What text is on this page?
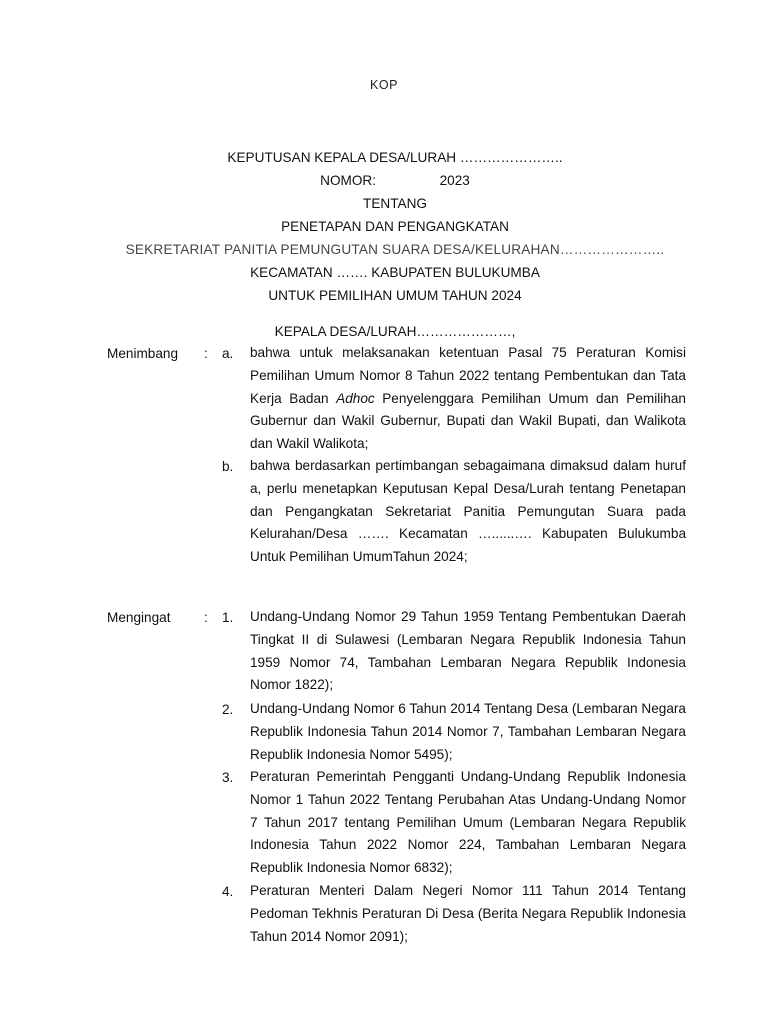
KOP
KEPUTUSAN KEPALA DESA/LURAH …………………..
NOMOR:	2023
TENTANG
PENETAPAN DAN PENGANGKATAN
SEKRETARIAT PANITIA PEMUNGUTAN SUARA DESA/KELURAHAN…………………..
KECAMATAN ……. KABUPATEN BULUKUMBA
UNTUK PEMILIHAN UMUM TAHUN 2024
KEPALA DESA/LURAH…………………,
Menimbang : a. bahwa untuk melaksanakan ketentuan Pasal 75 Peraturan Komisi Pemilihan Umum Nomor 8 Tahun 2022 tentang Pembentukan dan Tata Kerja Badan Adhoc Penyelenggara Pemilihan Umum dan Pemilihan Gubernur dan Wakil Gubernur, Bupati dan Wakil Bupati, dan Walikota dan Wakil Walikota;
b. bahwa berdasarkan pertimbangan sebagaimana dimaksud dalam huruf a, perlu menetapkan Keputusan Kepal Desa/Lurah tentang Penetapan dan Pengangkatan Sekretariat Panitia Pemungutan Suara pada Kelurahan/Desa ……. Kecamatan …......…. Kabupaten Bulukumba Untuk Pemilihan UmumTahun 2024;
Mengingat : 1. Undang-Undang Nomor 29 Tahun 1959 Tentang Pembentukan Daerah Tingkat II di Sulawesi (Lembaran Negara Republik Indonesia Tahun 1959 Nomor 74, Tambahan Lembaran Negara Republik Indonesia Nomor 1822);
2. Undang-Undang Nomor 6 Tahun 2014 Tentang Desa (Lembaran Negara Republik Indonesia Tahun 2014 Nomor 7, Tambahan Lembaran Negara Republik Indonesia Nomor 5495);
3. Peraturan Pemerintah Pengganti Undang-Undang Republik Indonesia Nomor 1 Tahun 2022 Tentang Perubahan Atas Undang-Undang Nomor 7 Tahun 2017 tentang Pemilihan Umum (Lembaran Negara Republik Indonesia Tahun 2022 Nomor 224, Tambahan Lembaran Negara Republik Indonesia Nomor 6832);
4. Peraturan Menteri Dalam Negeri Nomor 111 Tahun 2014 Tentang Pedoman Tekhnis Peraturan Di Desa (Berita Negara Republik Indonesia Tahun 2014 Nomor 2091);
